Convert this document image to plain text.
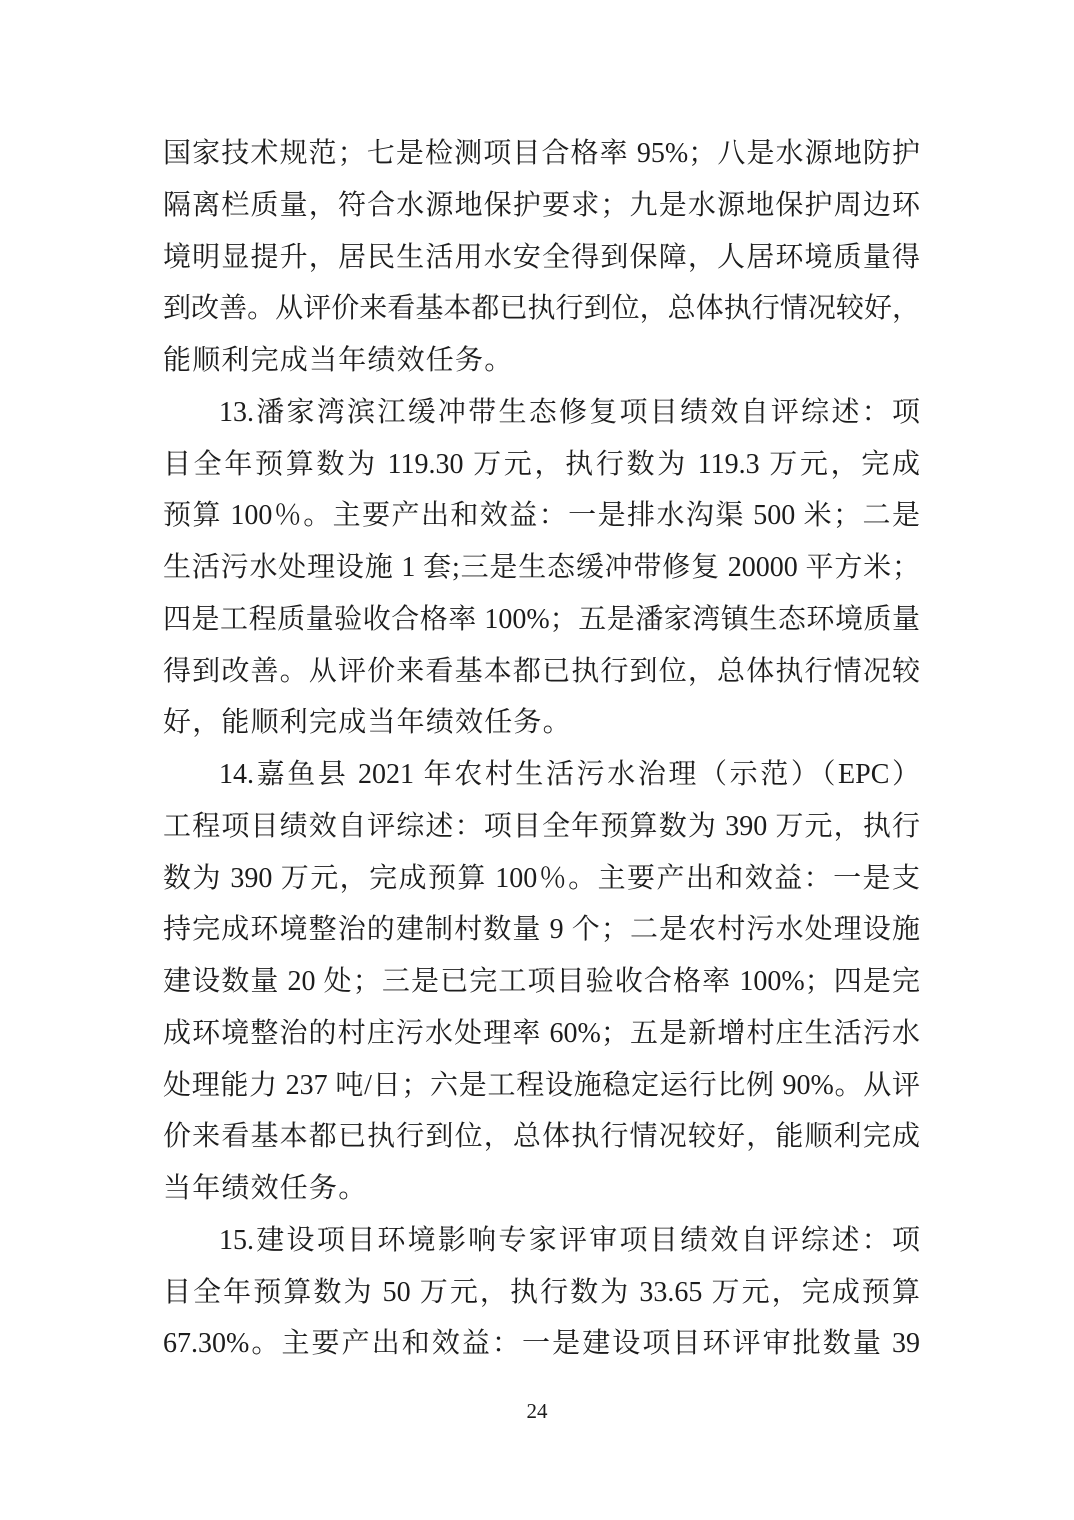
国家技术规范；七是检测项目合格率 95%；八是水源地防护

隔离栏质量，符合水源地保护要求；九是水源地保护周边环

境明显提升，居民生活用水安全得到保障，人居环境质量得

到改善。从评价来看基本都已执行到位，总体执行情况较好，

能顺利完成当年绩效任务。

13.潘家湾滨江缓冲带生态修复项目绩效自评综述：项

目全年预算数为 119.30 万元，执行数为 119.3 万元，完成

预算 100％。主要产出和效益：一是排水沟渠 500 米；二是

生活污水处理设施 1 套;三是生态缓冲带修复 20000 平方米；

四是工程质量验收合格率 100%；五是潘家湾镇生态环境质量

得到改善。从评价来看基本都已执行到位，总体执行情况较

好，能顺利完成当年绩效任务。

14.嘉鱼县 2021 年农村生活污水治理（示范）（EPC）

工程项目绩效自评综述：项目全年预算数为 390 万元，执行

数为 390 万元，完成预算 100％。主要产出和效益：一是支

持完成环境整治的建制村数量 9 个；二是农村污水处理设施

建设数量 20 处；三是已完工项目验收合格率 100%；四是完

成环境整治的村庄污水处理率 60%；五是新增村庄生活污水

处理能力 237 吨/日；六是工程设施稳定运行比例 90%。从评

价来看基本都已执行到位，总体执行情况较好，能顺利完成

当年绩效任务。

15.建设项目环境影响专家评审项目绩效自评综述：项

目全年预算数为 50 万元，执行数为 33.65 万元，完成预算

67.30%。主要产出和效益：一是建设项目环评审批数量 39

24
